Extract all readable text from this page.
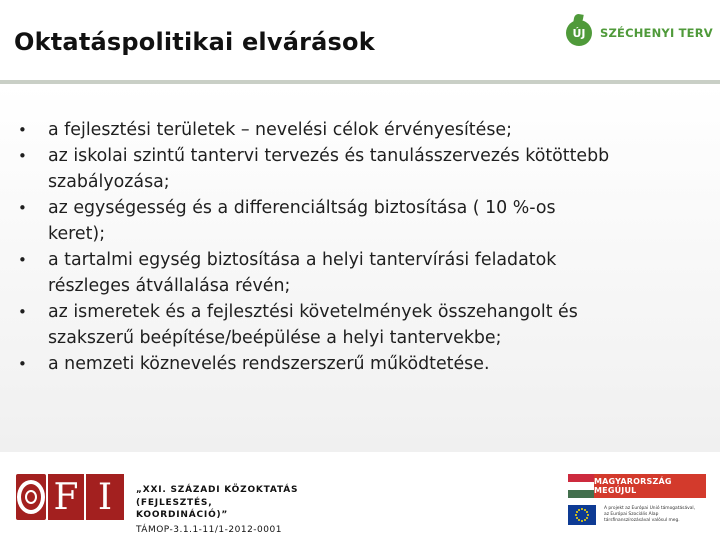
Oktatáspolitikai elvárások	ÚJ	SZÉCHENYI TERV
•	a fejlesztési területek – nevelési célok érvényesítése;
•	az iskolai szintű tantervi tervezés és tanulásszervezés kötöttebb
szabályozása;
•	az egységesség és a differenciáltság biztosítása ( 10 %-os
keret);
•	a tartalmi egység biztosítása a helyi tantervírási feladatok
részleges átvállalása révén;
•	az ismeretek és a fejlesztési követelmények összehangolt és
szakszerű beépítése/beépülése a helyi tantervekbe;
•	a nemzeti köznevelés rendszerszerű működtetése.
F I	„XXI. SZÁZADI KÖZOKTATÁS (FEJLESZTÉS,
KOORDINÁCIÓ)”
TÁMOP-3.1.1-11/1-2012-0001
MAGYARORSZÁG MEGÚJUL
A projekt az Európai Unió támogatásával,
az Európai Szociális Alap
társfinanszírozásával valósul meg.
